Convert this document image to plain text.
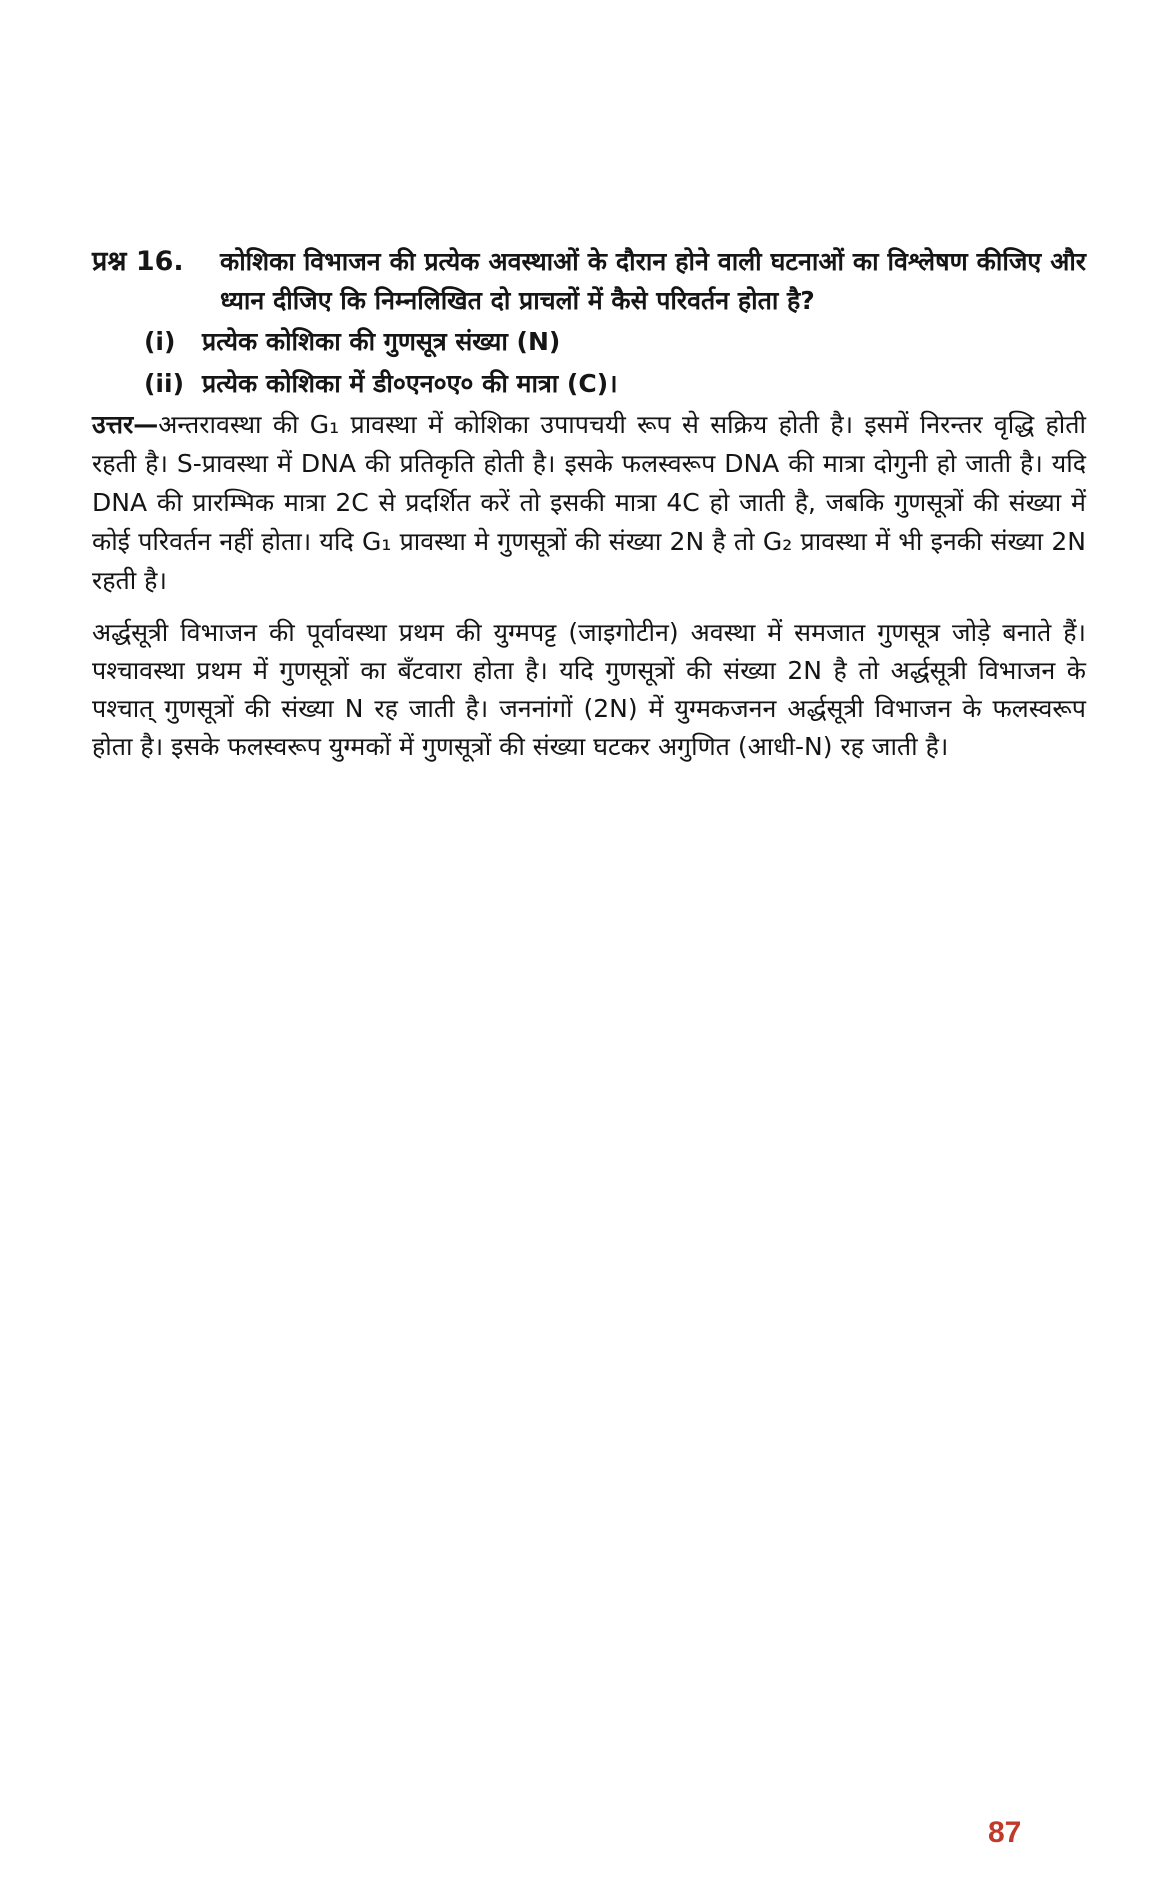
प्रश्न 16. कोशिका विभाजन की प्रत्येक अवस्थाओं के दौरान होने वाली घटनाओं का विश्लेषण कीजिए और ध्यान दीजिए कि निम्नलिखित दो प्राचलों में कैसे परिवर्तन होता है?
(i) प्रत्येक कोशिका की गुणसूत्र संख्या (N)
(ii) प्रत्येक कोशिका में डी०एन०ए० की मात्रा (C)।
उत्तर—अन्तरावस्था की G₁ प्रावस्था में कोशिका उपापचयी रूप से सक्रिय होती है। इसमें निरन्तर वृद्धि होती रहती है। S-प्रावस्था में DNA की प्रतिकृति होती है। इसके फलस्वरूप DNA की मात्रा दोगुनी हो जाती है। यदि DNA की प्रारम्भिक मात्रा 2C से प्रदर्शित करें तो इसकी मात्रा 4C हो जाती है, जबकि गुणसूत्रों की संख्या में कोई परिवर्तन नहीं होता। यदि G₁ प्रावस्था मे गुणसूत्रों की संख्या 2N है तो G₂ प्रावस्था में भी इनकी संख्या 2N रहती है।
अर्द्धसूत्री विभाजन की पूर्वावस्था प्रथम की युग्मपट्ट (जाइगोटीन) अवस्था में समजात गुणसूत्र जोड़े बनाते हैं। पश्चावस्था प्रथम में गुणसूत्रों का बँटवारा होता है। यदि गुणसूत्रों की संख्या 2N है तो अर्द्धसूत्री विभाजन के पश्चात् गुणसूत्रों की संख्या N रह जाती है। जननांगों (2N) में युग्मकजनन अर्द्धसूत्री विभाजन के फलस्वरूप होता है। इसके फलस्वरूप युग्मकों में गुणसूत्रों की संख्या घटकर अगुणित (आधी-N) रह जाती है।
87
